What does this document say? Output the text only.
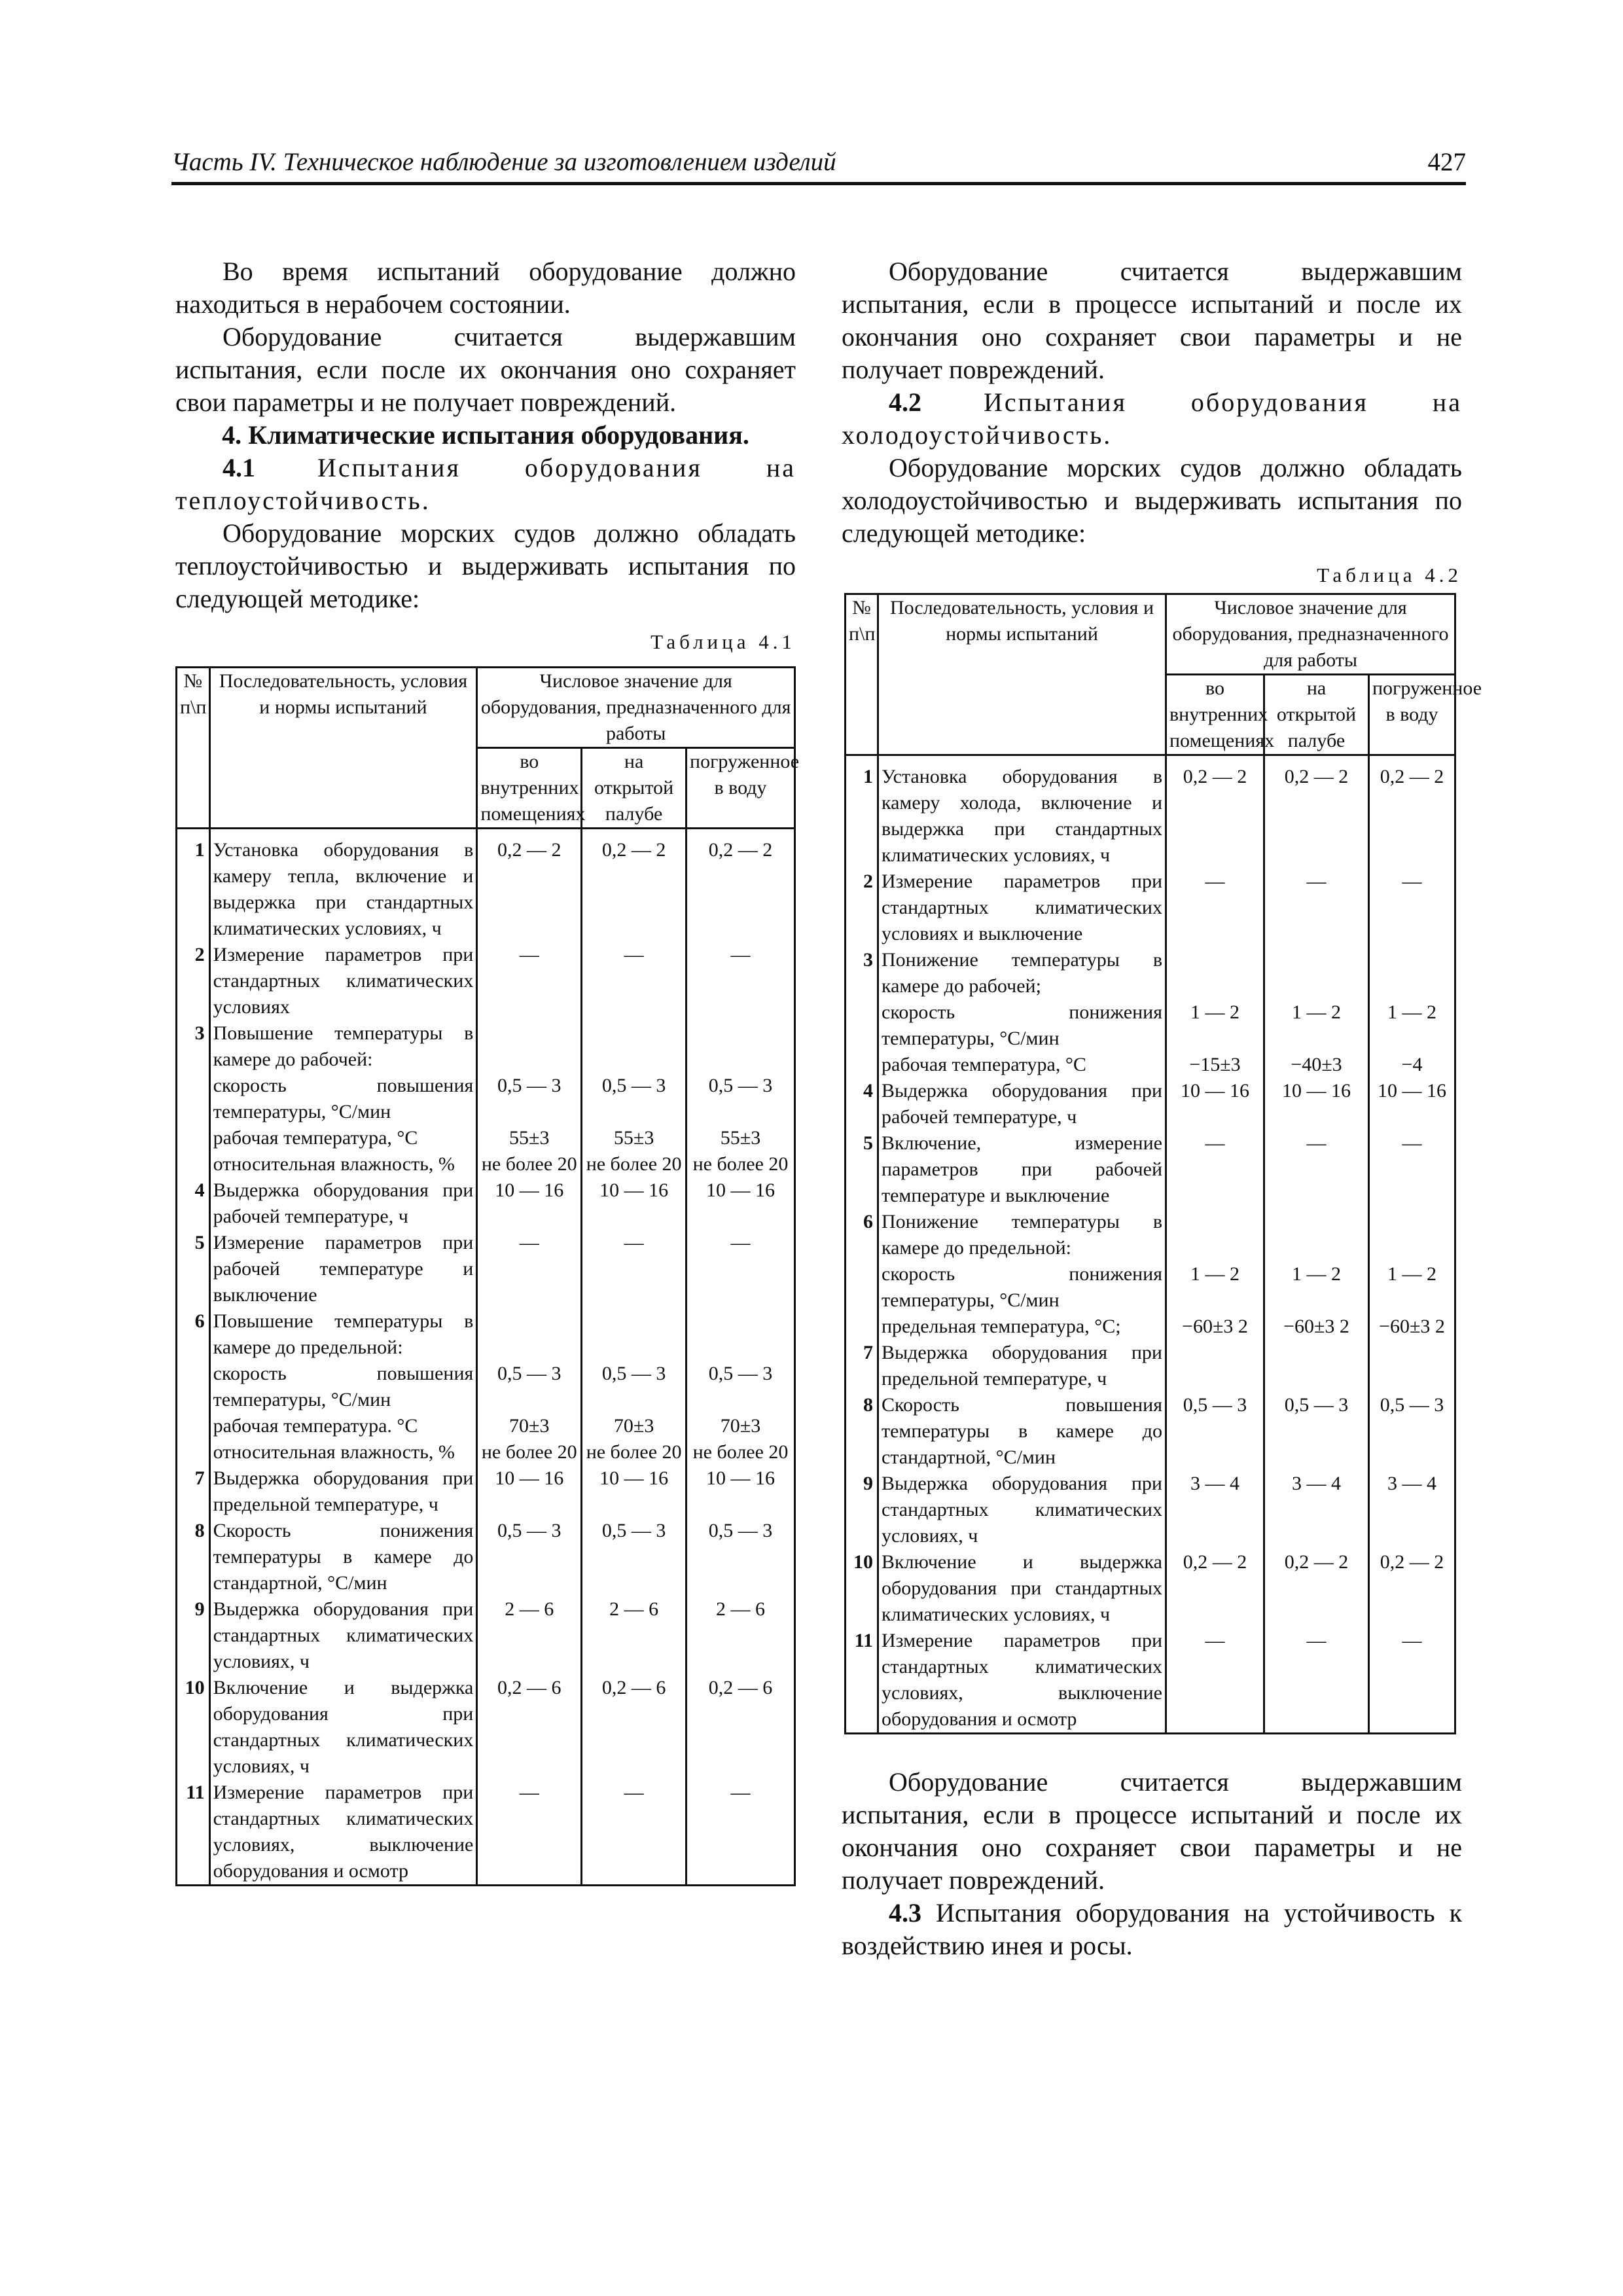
Часть IV. Техническое наблюдение за изготовлением изделий	427

Во время испытаний оборудование должно находиться в нерабочем состоянии.

Оборудование считается выдержавшим испытания, если после их окончания оно сохраняет свои параметры и не получает повреждений.

4. Климатические испытания оборудования.

4.1 Испытания оборудования на теплоустойчивость.

Оборудование морских судов должно обладать теплоустойчивостью и выдерживать испытания по следующей методике:

Таблица 4.1
№ п\п	Последовательность, условия и нормы испытаний	Числовое значение для оборудования, предназначенного для работы		
		во внутренних помещениях	на открытой палубе	погруженное в воду
1	Установка оборудования в камеру тепла, включение и выдержка при стандартных климатических условиях, ч	0,2 — 2	0,2 — 2	0,2 — 2
2	Измерение параметров при стандартных климатических условиях	—	—	—
3	Повышение температуры в камере до рабочей:			
	скорость повышения температуры, °С/мин	0,5 — 3	0,5 — 3	0,5 — 3
	рабочая температура, °С	55±3	55±3	55±3
	относительная влажность, %	не более 20	не более 20	не более 20
4	Выдержка оборудования при рабочей температуре, ч	10 — 16	10 — 16	10 — 16
5	Измерение параметров при рабочей температуре и выключение	—	—	—
6	Повышение температуры в камере до предельной:			
	скорость повышения температуры, °С/мин	0,5 — 3	0,5 — 3	0,5 — 3
	рабочая температура. °С	70±3	70±3	70±3
	относительная влажность, %	не более 20	не более 20	не более 20
7	Выдержка оборудования при предельной температуре, ч	10 — 16	10 — 16	10 — 16
8	Скорость понижения температуры в камере до стандартной, °С/мин	0,5 — 3	0,5 — 3	0,5 — 3
9	Выдержка оборудования при стандартных климатических условиях, ч	2 — 6	2 — 6	2 — 6
10	Включение и выдержка оборудования при стандартных климатических условиях, ч	0,2 — 6	0,2 — 6	0,2 — 6
11	Измерение параметров при стандартных климатических условиях, выключение оборудования и осмотр	—	—	—

Оборудование считается выдержавшим испытания, если в процессе испытаний и после их окончания оно сохраняет свои параметры и не получает повреждений.

4.2 Испытания оборудования на холодоустойчивость.

Оборудование морских судов должно обладать холодоустойчивостью и выдерживать испытания по следующей методике:

Таблица 4.2
№ п\п	Последовательность, условия и нормы испытаний	Числовое значение для оборудования, предназначенного для работы		
		во внутренних помещениях	на открытой палубе	погруженное в воду
1	Установка оборудования в камеру холода, включение и выдержка при стандартных климатических условиях, ч	0,2 — 2	0,2 — 2	0,2 — 2
2	Измерение параметров при стандартных климатических условиях и выключение	—	—	—
3	Понижение температуры в камере до рабочей;			
	скорость понижения температуры, °С/мин	1 — 2	1 — 2	1 — 2
	рабочая температура, °С	−15±3	−40±3	−4
4	Выдержка оборудования при рабочей температуре, ч	10 — 16	10 — 16	10 — 16
5	Включение, измерение параметров при рабочей температуре и выключение	—	—	—
6	Понижение температуры в камере до предельной:			
	скорость понижения температуры, °С/мин	1 — 2	1 — 2	1 — 2
	предельная температура, °С;	−60±3 2	−60±3 2	−60±3 2
7	Выдержка оборудования при предельной температуре, ч			
8	Скорость повышения температуры в камере до стандартной, °С/мин	0,5 — 3	0,5 — 3	0,5 — 3
9	Выдержка оборудования при стандартных климатических условиях, ч	3 — 4	3 — 4	3 — 4
10	Включение и выдержка оборудования при стандартных климатических условиях, ч	0,2 — 2	0,2 — 2	0,2 — 2
11	Измерение параметров при стандартных климатических условиях, выключение оборудования и осмотр	—	—	—

Оборудование считается выдержавшим испытания, если в процессе испытаний и после их окончания оно сохраняет свои параметры и не получает повреждений.

4.3 Испытания оборудования на устойчивость к воздействию инея и росы.
